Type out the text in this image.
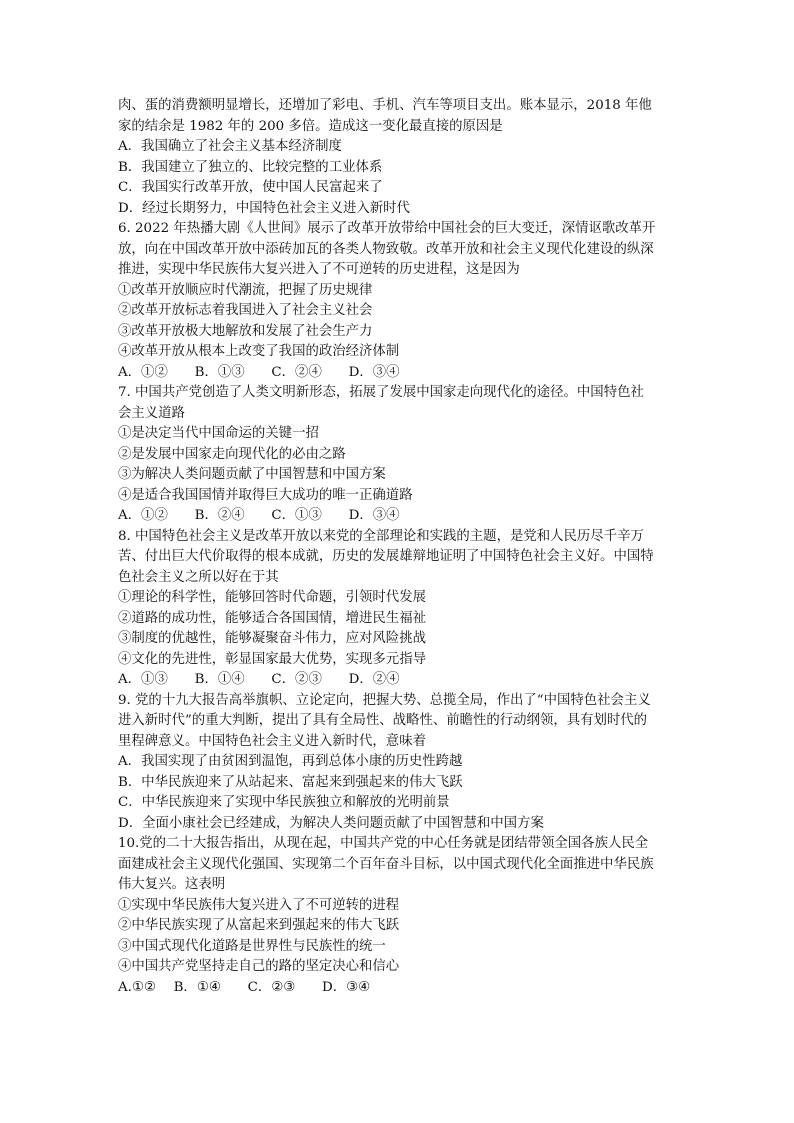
肉、蛋的消费额明显增长，还增加了彩电、手机、汽车等项目支出。账本显示，2018 年他
家的结余是 1982 年的 200 多倍。造成这一变化最直接的原因是
A．我国确立了社会主义基本经济制度
B．我国建立了独立的、比较完整的工业体系
C．我国实行改革开放，使中国人民富起来了
D．经过长期努力，中国特色社会主义进入新时代
6. 2022 年热播大剧《人世间》展示了改革开放带给中国社会的巨大变迁，深情讴歌改革开
放，向在中国改革开放中添砖加瓦的各类人物致敬。改革开放和社会主义现代化建设的纵深
推进，实现中华民族伟大复兴进入了不可逆转的历史进程，这是因为
①改革开放顺应时代潮流，把握了历史规律
②改革开放标志着我国进入了社会主义社会
③改革开放极大地解放和发展了社会生产力
④改革开放从根本上改变了我国的政治经济体制
A．①②　　B．①③　　C．②④　　D．③④
7. 中国共产党创造了人类文明新形态，拓展了发展中国家走向现代化的途径。中国特色社
会主义道路
①是决定当代中国命运的关键一招
②是发展中国家走向现代化的必由之路
③为解决人类问题贡献了中国智慧和中国方案
④是适合我国国情并取得巨大成功的唯一正确道路
A．①②　　B．②④　　C．①③　　D．③④
8. 中国特色社会主义是改革开放以来党的全部理论和实践的主题，是党和人民历尽千辛万
苦、付出巨大代价取得的根本成就，历史的发展雄辩地证明了中国特色社会主义好。中国特
色社会主义之所以好在于其
①理论的科学性，能够回答时代命题，引领时代发展
②道路的成功性，能够适合各国国情，增进民生福祉
③制度的优越性，能够凝聚奋斗伟力，应对风险挑战
④文化的先进性，彰显国家最大优势，实现多元指导
A．①③　　B．①④　　C．②③　　D．②④
9. 党的十九大报告高举旗帜、立论定向，把握大势、总揽全局，作出了“中国特色社会主义
进入新时代”的重大判断，提出了具有全局性、战略性、前瞻性的行动纲领，具有划时代的
里程碑意义。中国特色社会主义进入新时代，意味着
A．我国实现了由贫困到温饱，再到总体小康的历史性跨越
B．中华民族迎来了从站起来、富起来到强起来的伟大飞跃
C．中华民族迎来了实现中华民族独立和解放的光明前景
D．全面小康社会已经建成，为解决人类问题贡献了中国智慧和中国方案
10.党的二十大报告指出，从现在起，中国共产党的中心任务就是团结带领全国各族人民全
面建成社会主义现代化强国、实现第二个百年奋斗目标，以中国式现代化全面推进中华民族
伟大复兴。这表明
①实现中华民族伟大复兴进入了不可逆转的进程
②中华民族实现了从富起来到强起来的伟大飞跃
③中国式现代化道路是世界性与民族性的统一
④中国共产党坚持走自己的路的坚定决心和信心
A.①②　 B．①④　　C．②③　　D．③④
